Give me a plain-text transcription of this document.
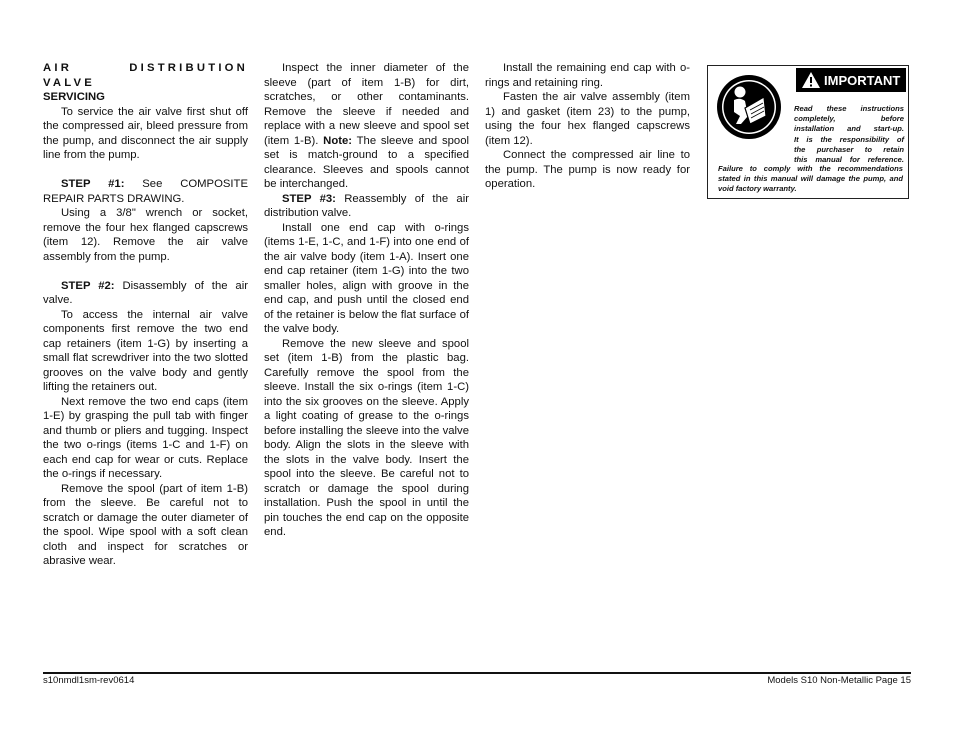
AIR DISTRIBUTION VALVE

SERVICING

To service the air valve first shut off the compressed air, bleed pressure from the pump, and disconnect the air supply line from the pump.

STEP #1: See COMPOSITE REPAIR PARTS DRAWING.

Using a 3/8" wrench or socket, remove the four hex flanged capscrews (item 12). Remove the air valve assembly from the pump.

STEP #2: Disassembly of the air valve.

To access the internal air valve components first remove the two end cap retainers (item 1-G) by inserting a small flat screwdriver into the two slotted grooves on the valve body and gently lifting the retainers out.

Next remove the two end caps (item 1-E) by grasping the pull tab with finger and thumb or pliers and tugging. Inspect the two o-rings (items 1-C and 1-F) on each end cap for wear or cuts. Replace the o-rings if necessary.

Remove the spool (part of item 1-B) from the sleeve. Be careful not to scratch or damage the outer diameter of the spool. Wipe spool with a soft clean cloth and inspect for scratches or abrasive wear.

Inspect the inner diameter of the sleeve (part of item 1-B) for dirt, scratches, or other contaminants. Remove the sleeve if needed and replace with a new sleeve and spool set (item 1-B). Note: The sleeve and spool set is match-ground to a specified clearance. Sleeves and spools cannot be interchanged.

STEP #3: Reassembly of the air distribution valve.

Install one end cap with o-rings (items 1-E, 1-C, and 1-F) into one end of the air valve body (item 1-A). Insert one end cap retainer (item 1-G) into the two smaller holes, align with groove in the end cap, and push until the closed end of the retainer is below the flat surface of the valve body.

Remove the new sleeve and spool set (item 1-B) from the plastic bag. Carefully remove the spool from the sleeve. Install the six o-rings (item 1-C) into the six grooves on the sleeve. Apply a light coating of grease to the o-rings before installing the sleeve into the valve body. Align the slots in the sleeve with the slots in the valve body. Insert the spool into the sleeve. Be careful not to scratch or damage the spool during installation. Push the spool in until the pin touches the end cap on the opposite end.

Install the remaining end cap with o-rings and retaining ring.

Fasten the air valve assembly (item 1) and gasket (item 23) to the pump, using the four hex flanged capscrews (item 12).

Connect the compressed air line to the pump. The pump is now ready for operation.

IMPORTANT
Read these instructions
completely, before
installation and start-up.
It is the responsibility of
the purchaser to retain
this manual for reference.
Failure to comply with the recommendations stated in this manual will damage the pump, and void factory warranty.
s10nmdl1sm-rev0614	Models S10 Non-Metallic Page 15
